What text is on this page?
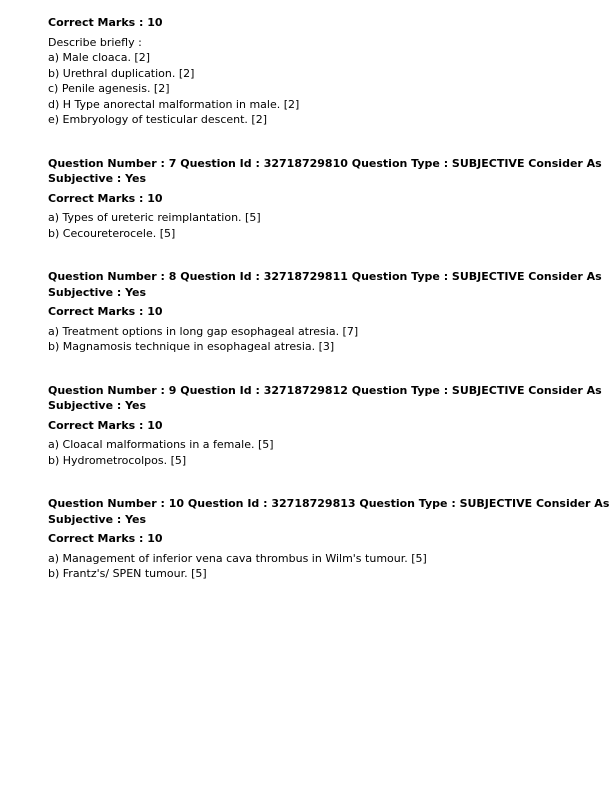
Correct Marks : 10
Describe briefly :
a) Male cloaca. [2]
b) Urethral duplication. [2]
c) Penile agenesis. [2]
d) H Type anorectal malformation in male. [2]
e) Embryology of testicular descent. [2]
Question Number : 7 Question Id : 32718729810 Question Type : SUBJECTIVE Consider As
Subjective : Yes
Correct Marks : 10
a) Types of ureteric reimplantation. [5]
b) Cecoureterocele. [5]
Question Number : 8 Question Id : 32718729811 Question Type : SUBJECTIVE Consider As
Subjective : Yes
Correct Marks : 10
a) Treatment options in long gap esophageal atresia. [7]
b) Magnamosis technique in esophageal atresia. [3]
Question Number : 9 Question Id : 32718729812 Question Type : SUBJECTIVE Consider As
Subjective : Yes
Correct Marks : 10
a) Cloacal malformations in a female. [5]
b) Hydrometrocolpos. [5]
Question Number : 10 Question Id : 32718729813 Question Type : SUBJECTIVE Consider As
Subjective : Yes
Correct Marks : 10
a) Management of inferior vena cava thrombus in Wilm's tumour. [5]
b) Frantz's/ SPEN tumour. [5]
